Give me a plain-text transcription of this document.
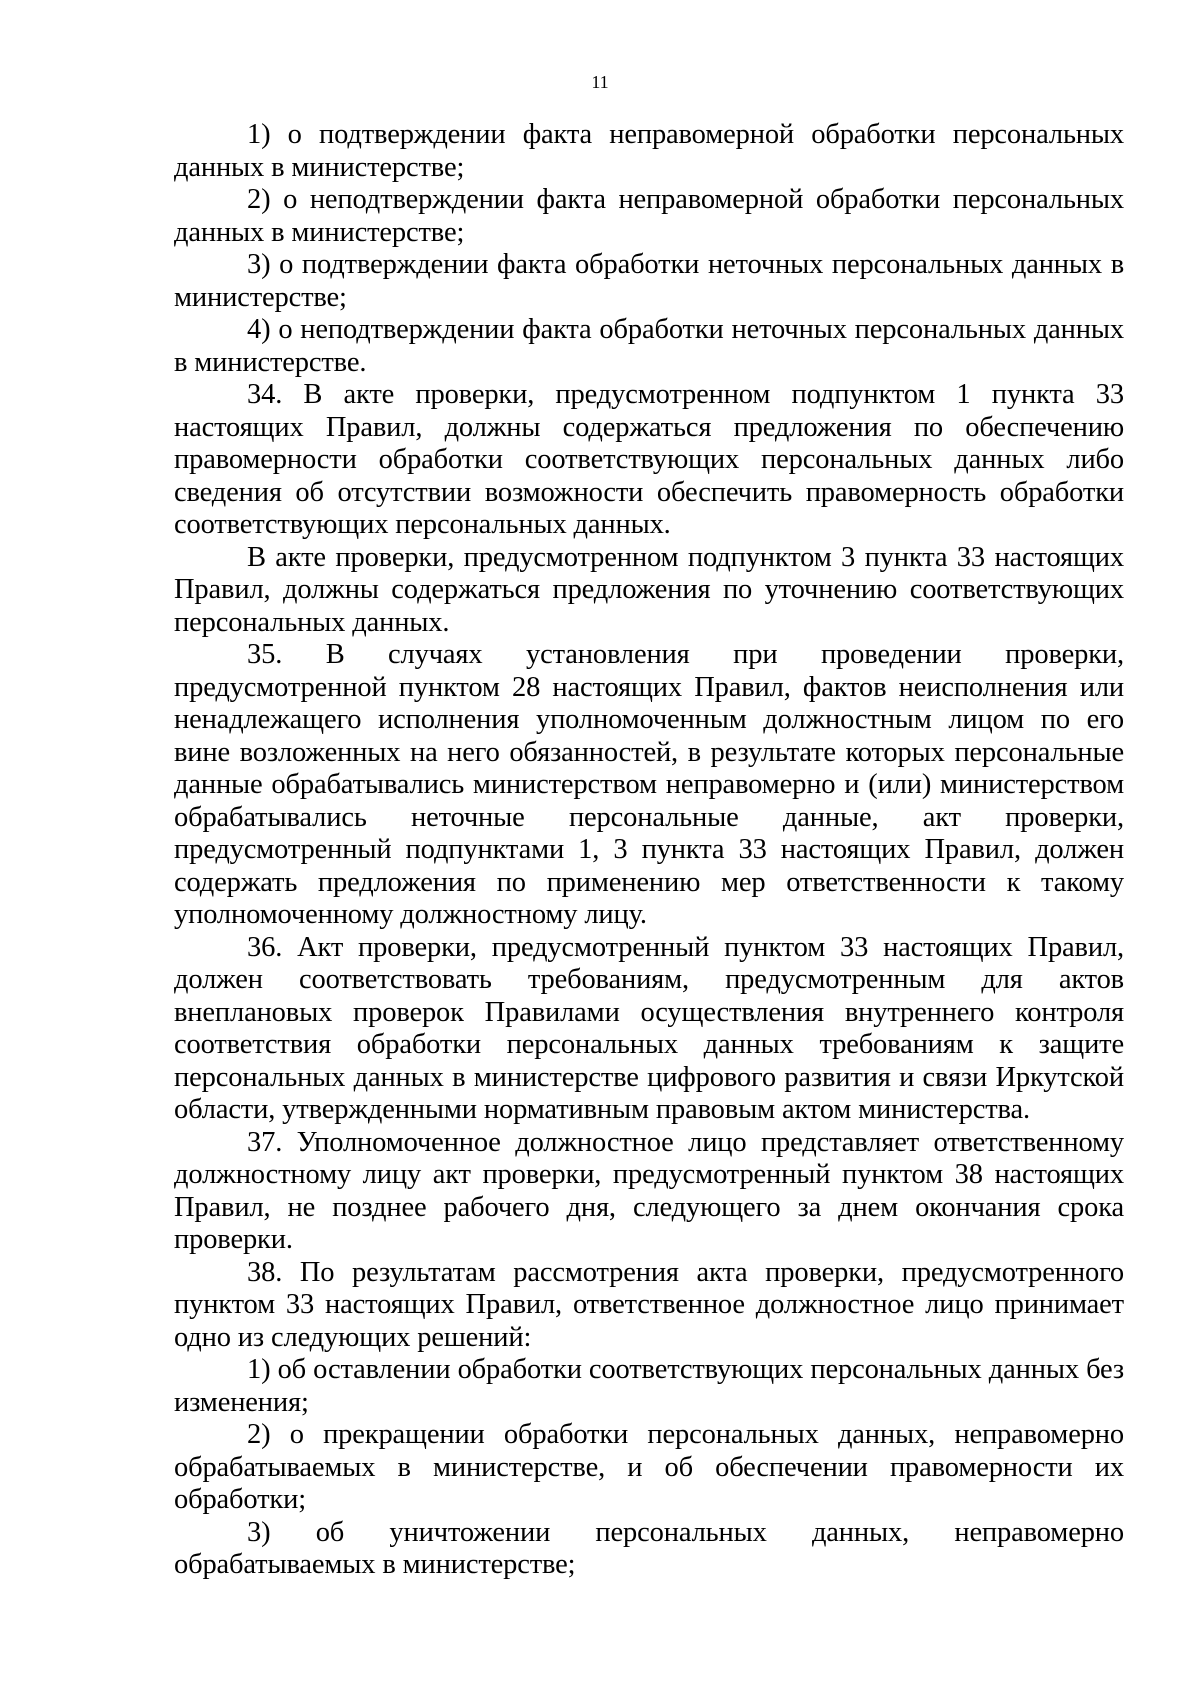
11

1) о подтверждении факта неправомерной обработки персональных данных в министерстве;

2) о неподтверждении факта неправомерной обработки персональных данных в министерстве;

3) о подтверждении факта обработки неточных персональных данных в министерстве;

4) о неподтверждении факта обработки неточных персональных данных в министерстве.

34. В акте проверки, предусмотренном подпунктом 1 пункта 33 настоящих Правил, должны содержаться предложения по обеспечению правомерности обработки соответствующих персональных данных либо сведения об отсутствии возможности обеспечить правомерность обработки соответствующих персональных данных.

В акте проверки, предусмотренном подпунктом 3 пункта 33 настоящих Правил, должны содержаться предложения по уточнению соответствующих персональных данных.

35. В случаях установления при проведении проверки, предусмотренной пунктом 28 настоящих Правил, фактов неисполнения или ненадлежащего исполнения уполномоченным должностным лицом по его вине возложенных на него обязанностей, в результате которых персональные данные обрабатывались министерством неправомерно и (или) министерством обрабатывались неточные персональные данные, акт проверки, предусмотренный подпунктами 1, 3 пункта 33 настоящих Правил, должен содержать предложения по применению мер ответственности к такому уполномоченному должностному лицу.

36. Акт проверки, предусмотренный пунктом 33 настоящих Правил, должен соответствовать требованиям, предусмотренным для актов внеплановых проверок Правилами осуществления внутреннего контроля соответствия обработки персональных данных требованиям к защите персональных данных в министерстве цифрового развития и связи Иркутской области, утвержденными нормативным правовым актом министерства.

37. Уполномоченное должностное лицо представляет ответственному должностному лицу акт проверки, предусмотренный пунктом 38 настоящих Правил, не позднее рабочего дня, следующего за днем окончания срока проверки.

38. По результатам рассмотрения акта проверки, предусмотренного пунктом 33 настоящих Правил, ответственное должностное лицо принимает одно из следующих решений:

1) об оставлении обработки соответствующих персональных данных без изменения;

2) о прекращении обработки персональных данных, неправомерно обрабатываемых в министерстве, и об обеспечении правомерности их обработки;

3) об уничтожении персональных данных, неправомерно обрабатываемых в министерстве;
